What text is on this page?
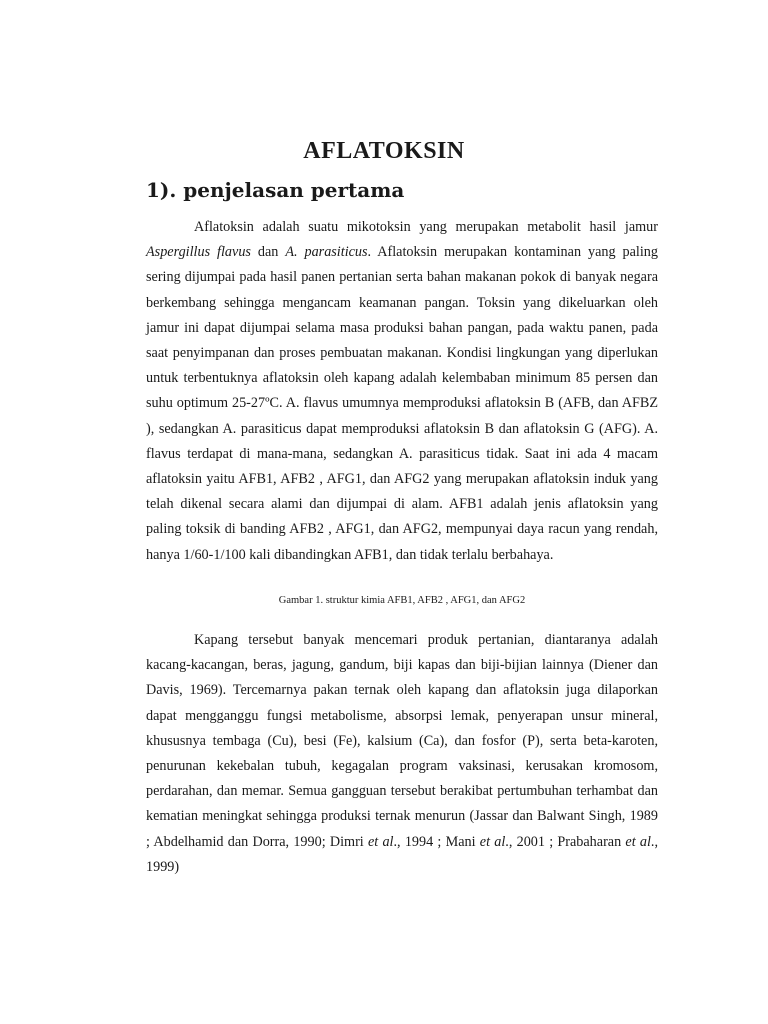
AFLATOKSIN
1). penjelasan pertama

Aflatoksin adalah suatu mikotoksin yang merupakan metabolit hasil jamur Aspergillus flavus dan A. parasiticus. Aflatoksin merupakan kontaminan yang paling sering dijumpai pada hasil panen pertanian serta bahan makanan pokok di banyak negara berkembang sehingga mengancam keamanan pangan. Toksin yang dikeluarkan oleh jamur ini dapat dijumpai selama masa produksi bahan pangan, pada waktu panen, pada saat penyimpanan dan proses pembuatan makanan. Kondisi lingkungan yang diperlukan untuk terbentuknya aflatoksin oleh kapang adalah kelembaban minimum 85 persen dan suhu optimum 25-27ºC. A. flavus umumnya memproduksi aflatoksin B (AFB, dan AFBZ ), sedangkan A. parasiticus dapat memproduksi aflatoksin B dan aflatoksin G (AFG). A. flavus terdapat di mana-mana, sedangkan A. parasiticus tidak. Saat ini ada 4 macam aflatoksin yaitu AFB1, AFB2 , AFG1, dan AFG2 yang merupakan aflatoksin induk yang telah dikenal secara alami dan dijumpai di alam. AFB1 adalah jenis aflatoksin yang paling toksik di banding AFB2 , AFG1, dan AFG2, mempunyai daya racun yang rendah, hanya 1/60-1/100 kali dibandingkan AFB1, dan tidak terlalu berbahaya.

Gambar 1. struktur kimia AFB1, AFB2 , AFG1, dan AFG2

Kapang tersebut banyak mencemari produk pertanian, diantaranya adalah kacang-kacangan, beras, jagung, gandum, biji kapas dan biji-bijian lainnya (Diener dan Davis, 1969). Tercemarnya pakan ternak oleh kapang dan aflatoksin juga dilaporkan dapat mengganggu fungsi metabolisme, absorpsi lemak, penyerapan unsur mineral, khususnya tembaga (Cu), besi (Fe), kalsium (Ca), dan fosfor (P), serta beta-karoten, penurunan kekebalan tubuh, kegagalan program vaksinasi, kerusakan kromosom, perdarahan, dan memar. Semua gangguan tersebut berakibat pertumbuhan terhambat dan kematian meningkat sehingga produksi ternak menurun (Jassar dan Balwant Singh, 1989 ; Abdelhamid dan Dorra, 1990; Dimri et al., 1994 ; Mani et al., 2001 ; Prabaharan et al., 1999)
